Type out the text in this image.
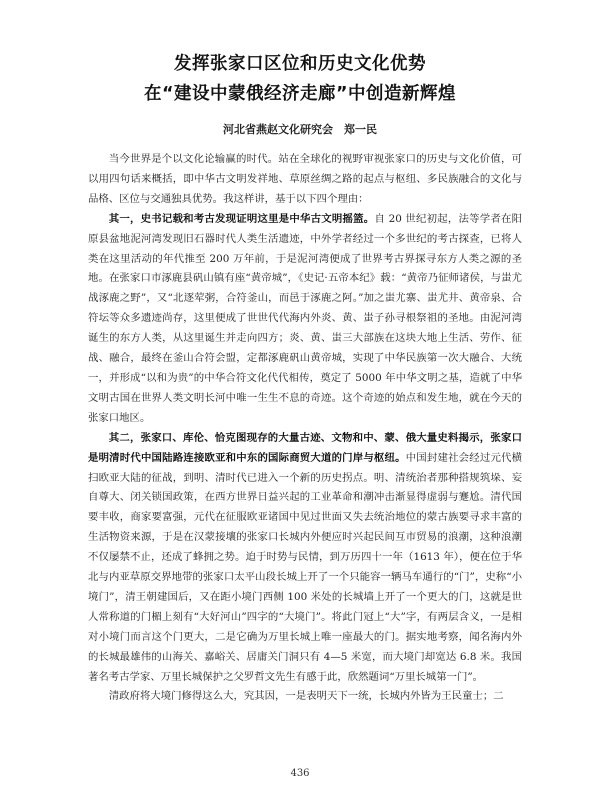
发挥张家口区位和历史文化优势
在“建设中蒙俄经济走廊”中创造新辉煌
河北省燕赵文化研究会　郑一民

当今世界是个以文化论输赢的时代。站在全球化的视野审视张家口的历史与文化价值，可以用四句话来概括，即中华古文明发祥地、草原丝绸之路的起点与枢纽、多民族融合的文化与品格、区位与交通独具优势。我这样讲，基于以下四个理由：

其一，史书记载和考古发现证明这里是中华古文明摇篮。自 20 世纪初起，法等学者在阳原县盆地泥河湾发现旧石器时代人类生活遗迹，中外学者经过一个多世纪的考古探查，已将人类在这里活动的年代推至 200 万年前，于是泥河湾便成了世界考古界探寻东方人类之源的圣地。在张家口市涿鹿县矾山镇有座“黄帝城”，《史记·五帝本纪》载：“黄帝乃征师诸侯，与蚩尤战涿鹿之野”，又“北逐荤粥，合符釜山，而邑于涿鹿之阿。”加之蚩尤寨、蚩尤井、黄帝泉、合符坛等众多遗迹尚存，这里便成了世世代代海内外炎、黄、蚩子孙寻根祭祖的圣地。由泥河湾诞生的东方人类，从这里诞生并走向四方；炎、黄、蚩三大部族在这块大地上生活、劳作、征战、融合，最终在釜山合符会盟，定都涿鹿矾山黄帝城，实现了中华民族第一次大融合、大统一，并形成“以和为贵”的中华合符文化代代相传，奠定了 5000 年中华文明之基，造就了中华文明古国在世界人类文明长河中唯一生生不息的奇迹。这个奇迹的始点和发生地，就在今天的张家口地区。

其二，张家口、库伦、恰克图现存的大量古迹、文物和中、蒙、俄大量史料揭示，张家口是明清时代中国陆路连接欧亚和中东的国际商贸大道的门岸与枢纽。中国封建社会经过元代横扫欧亚大陆的征战，到明、清时代已进入一个新的历史拐点。明、清统治者那种搭规筑垛、妄自尊大、闭关锁国政策，在西方世界日益兴起的工业革命和潮冲击渐显得虚弱与蹇尬。清代国要丰收，商家要富强，元代在征服欧亚诸国中见过世面又失去统治地位的蒙古族要寻求丰富的生活物资来源，于是在汉蒙接壤的张家口长城内外便应时兴起民间互市贸易的浪潮，这种浪潮不仅屡禁不止，还成了蜂拥之势。迫于时势与民情，到万历四十一年（1613 年），便在位于华北与内亚草原交界地带的张家口太平山段长城上开了一个只能容一辆马车通行的“门”，史称“小境门”，清王朝建国后，又在距小境门西侧 100 米处的长城墙上开了一个更大的门，这就是世人常称道的门楣上刻有“大好河山”四字的“大境门”。将此门冠上“大”字，有两层含义，一是相对小境门而言这个门更大，二是它确为万里长城上唯一座最大的门。据实地考察，闻名海内外的长城最雄伟的山海关、嘉峪关、居庸关门洞只有 4—5 米宽，而大境门却宽达 6.8 米。我国著名考古学家、万里长城保护之父罗哲文先生有感于此，欣然题词“万里长城第一门”。

清政府将大境门修得这么大，究其因，一是表明天下一统，长城内外皆为王民童士；二

436
